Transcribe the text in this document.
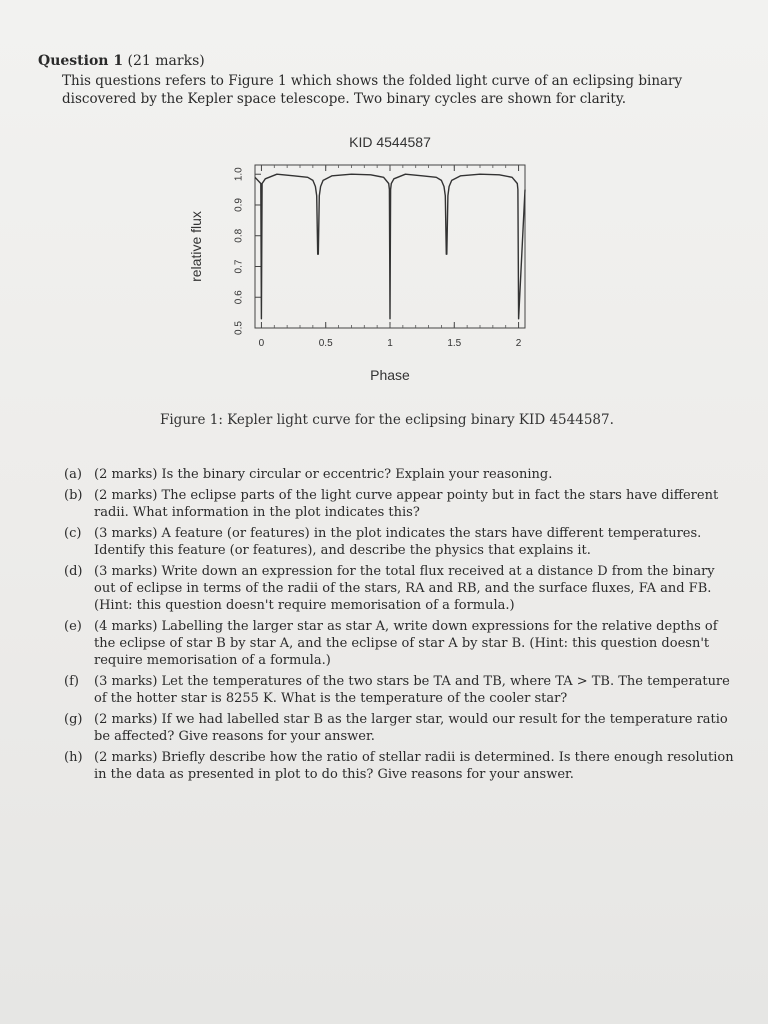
Question 1 (21 marks)
This questions refers to Figure 1 which shows the folded light curve of an eclipsing binary discovered by the Kepler space telescope. Two binary cycles are shown for clarity.
KID 4544587
0	0.5	1	1.5	2
0.5
0.6
0.7
0.8
0.9
1.0
Phase
relative flux
Figure 1: Kepler light curve for the eclipsing binary KID 4544587.
(a) (2 marks) Is the binary circular or eccentric? Explain your reasoning.
(b) (2 marks) The eclipse parts of the light curve appear pointy but in fact the stars have different radii. What information in the plot indicates this?
(c) (3 marks) A feature (or features) in the plot indicates the stars have different temperatures. Identify this feature (or features), and describe the physics that explains it.
(d) (3 marks) Write down an expression for the total flux received at a distance D from the binary out of eclipse in terms of the radii of the stars, RA and RB, and the surface fluxes, FA and FB. (Hint: this question doesn't require memorisation of a formula.)
(e) (4 marks) Labelling the larger star as star A, write down expressions for the relative depths of the eclipse of star B by star A, and the eclipse of star A by star B. (Hint: this question doesn't require memorisation of a formula.)
(f)	(3 marks) Let the temperatures of the two stars be TA and TB, where TA > TB. The temperature of the hotter star is 8255 K. What is the temperature of the cooler star?
(g) (2 marks) If we had labelled star B as the larger star, would our result for the temperature ratio be affected? Give reasons for your answer.
(h) (2 marks) Briefly describe how the ratio of stellar radii is determined. Is there enough resolution in the data as presented in plot to do this? Give reasons for your answer.
